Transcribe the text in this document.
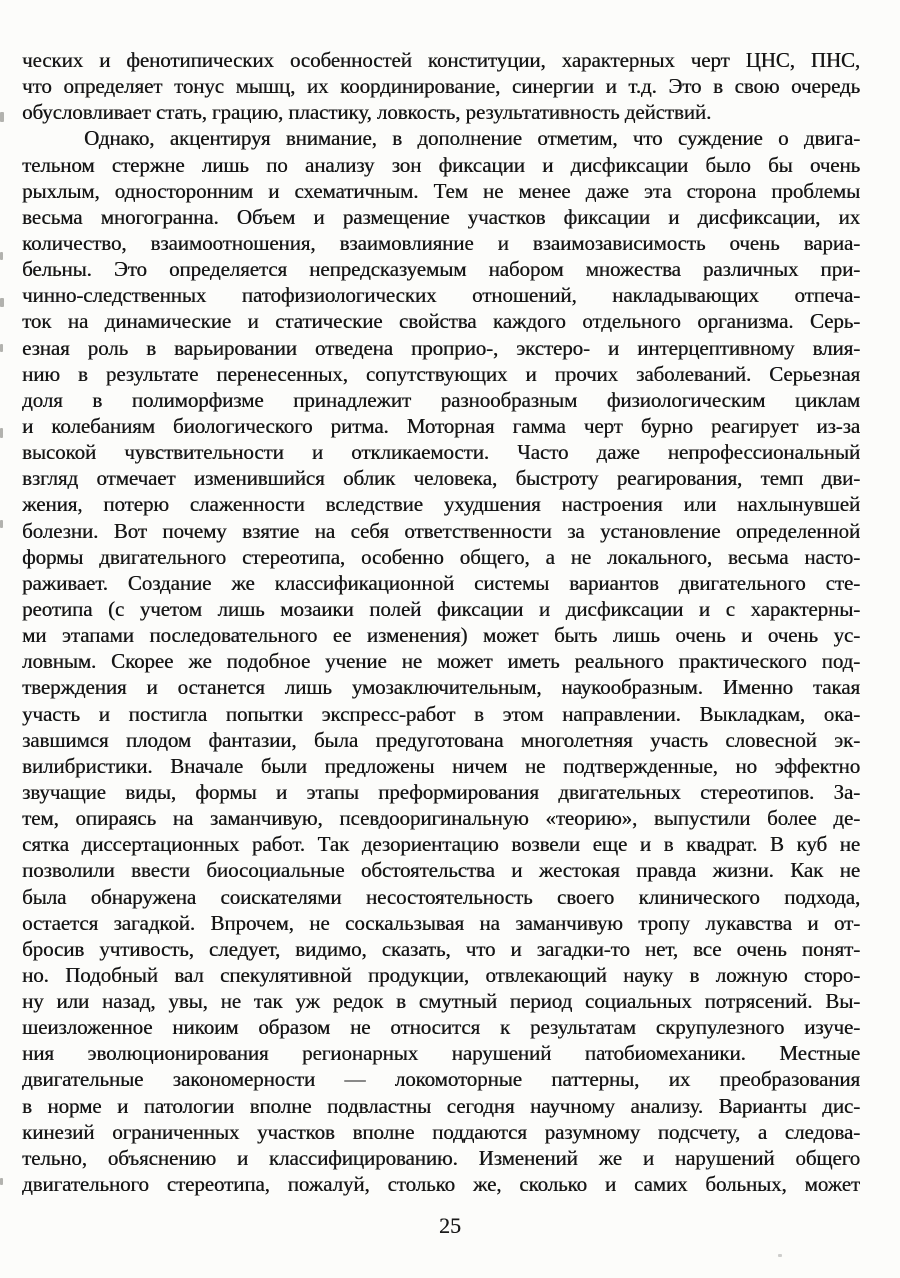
ческих и фенотипических особенностей конституции, характерных черт ЦНС, ПНС,
что определяет тонус мышц, их координирование, синергии и т.д. Это в свою очередь
обусловливает стать, грацию, пластику, ловкость, результативность действий.
Однако, акцентируя внимание, в дополнение отметим, что суждение о двига-
тельном стержне лишь по анализу зон фиксации и дисфиксации было бы очень
рыхлым, односторонним и схематичным. Тем не менее даже эта сторона проблемы
весьма многогранна. Объем и размещение участков фиксации и дисфиксации, их
количество, взаимоотношения, взаимовлияние и взаимозависимость очень вариа-
бельны. Это определяется непредсказуемым набором множества различных при-
чинно-следственных патофизиологических отношений, накладывающих отпеча-
ток на динамические и статические свойства каждого отдельного организма. Серь-
езная роль в варьировании отведена проприо-, экстеро- и интерцептивному влия-
нию в результате перенесенных, сопутствующих и прочих заболеваний. Серьезная
доля в полиморфизме принадлежит разнообразным физиологическим циклам
и колебаниям биологического ритма. Моторная гамма черт бурно реагирует из-за
высокой чувствительности и откликаемости. Часто даже непрофессиональный
взгляд отмечает изменившийся облик человека, быстроту реагирования, темп дви-
жения, потерю слаженности вследствие ухудшения настроения или нахлынувшей
болезни. Вот почему взятие на себя ответственности за установление определенной
формы двигательного стереотипа, особенно общего, а не локального, весьма насто-
раживает. Создание же классификационной системы вариантов двигательного сте-
реотипа (с учетом лишь мозаики полей фиксации и дисфиксации и с характерны-
ми этапами последовательного ее изменения) может быть лишь очень и очень ус-
ловным. Скорее же подобное учение не может иметь реального практического под-
тверждения и останется лишь умозаключительным, наукообразным. Именно такая
участь и постигла попытки экспресс-работ в этом направлении. Выкладкам, ока-
завшимся плодом фантазии, была предуготована многолетняя участь словесной эк-
вилибристики. Вначале были предложены ничем не подтвержденные, но эффектно
звучащие виды, формы и этапы преформирования двигательных стереотипов. За-
тем, опираясь на заманчивую, псевдооригинальную «теорию», выпустили более де-
сятка диссертационных работ. Так дезориентацию возвели еще и в квадрат. В куб не
позволили ввести биосоциальные обстоятельства и жестокая правда жизни. Как не
была обнаружена соискателями несостоятельность своего клинического подхода,
остается загадкой. Впрочем, не соскальзывая на заманчивую тропу лукавства и от-
бросив учтивость, следует, видимо, сказать, что и загадки-то нет, все очень понят-
но. Подобный вал спекулятивной продукции, отвлекающий науку в ложную сторо-
ну или назад, увы, не так уж редок в смутный период социальных потрясений. Вы-
шеизложенное никоим образом не относится к результатам скрупулезного изуче-
ния эволюционирования регионарных нарушений патобиомеханики. Местные
двигательные закономерности — локомоторные паттерны, их преобразования
в норме и патологии вполне подвластны сегодня научному анализу. Варианты дис-
кинезий ограниченных участков вполне поддаются разумному подсчету, а следова-
тельно, объяснению и классифицированию. Изменений же и нарушений общего
двигательного стереотипа, пожалуй, столько же, сколько и самих больных, может
25
